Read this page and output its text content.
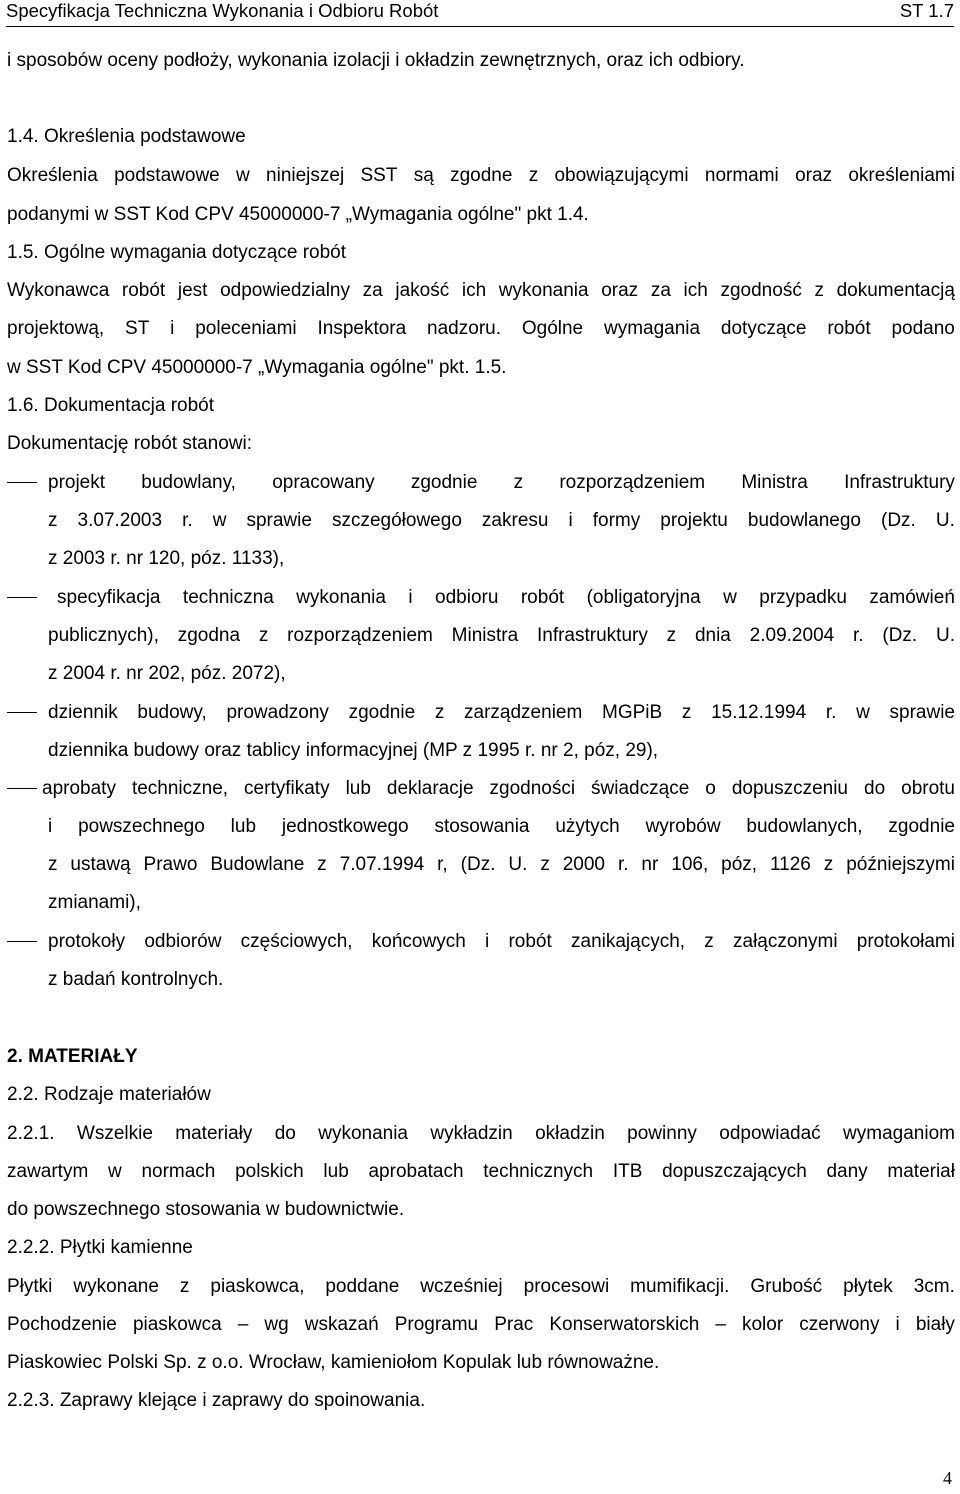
Specyfikacja Techniczna Wykonania i Odbioru Robót	ST 1.7
i sposobów oceny podłoży, wykonania izolacji i okładzin zewnętrznych, oraz ich odbiory.
1.4. Określenia podstawowe
Określenia podstawowe w niniejszej SST są zgodne z obowiązującymi normami oraz określeniami
podanymi w SST Kod CPV 45000000-7 „Wymagania ogólne" pkt 1.4.
1.5. Ogólne wymagania dotyczące robót
Wykonawca robót jest odpowiedzialny za jakość ich wykonania oraz za ich zgodność z dokumentacją
projektową, ST i poleceniami Inspektora nadzoru. Ogólne wymagania dotyczące robót podano
w SST Kod CPV 45000000-7 „Wymagania ogólne" pkt. 1.5.
1.6. Dokumentacja robót
Dokumentację robót stanowi:
projekt budowlany, opracowany zgodnie z rozporządzeniem Ministra Infrastruktury
z 3.07.2003 r. w sprawie szczegółowego zakresu i formy projektu budowlanego (Dz. U.
z 2003 r. nr 120, póz. 1133),
specyfikacja techniczna wykonania i odbioru robót (obligatoryjna w przypadku zamówień
publicznych), zgodna z rozporządzeniem Ministra Infrastruktury z dnia 2.09.2004 r. (Dz. U.
z 2004 r. nr 202, póz. 2072),
dziennik budowy, prowadzony zgodnie z zarządzeniem MGPiB z 15.12.1994 r. w sprawie
dziennika budowy oraz tablicy informacyjnej (MP z 1995 r. nr 2, póz, 29),
aprobaty techniczne, certyfikaty lub deklaracje zgodności świadczące o dopuszczeniu do obrotu
i powszechnego lub jednostkowego stosowania użytych wyrobów budowlanych, zgodnie
z ustawą Prawo Budowlane z 7.07.1994 r, (Dz. U. z 2000 r. nr 106, póz, 1126 z późniejszymi
zmianami),
protokoły odbiorów częściowych, końcowych i robót zanikających, z załączonymi protokołami
z badań kontrolnych.
2. MATERIAŁY
2.2. Rodzaje materiałów
2.2.1. Wszelkie materiały do wykonania wykładzin okładzin powinny odpowiadać wymaganiom
zawartym w normach polskich lub aprobatach technicznych ITB dopuszczających dany materiał
do powszechnego stosowania w budownictwie.
2.2.2. Płytki kamienne
Płytki wykonane z piaskowca, poddane wcześniej procesowi mumifikacji. Grubość płytek 3cm.
Pochodzenie piaskowca – wg wskazań Programu Prac Konserwatorskich – kolor czerwony i biały
Piaskowiec Polski Sp. z o.o. Wrocław, kamieniołom Kopulak lub równoważne.
2.2.3. Zaprawy klejące i zaprawy do spoinowania.
4
